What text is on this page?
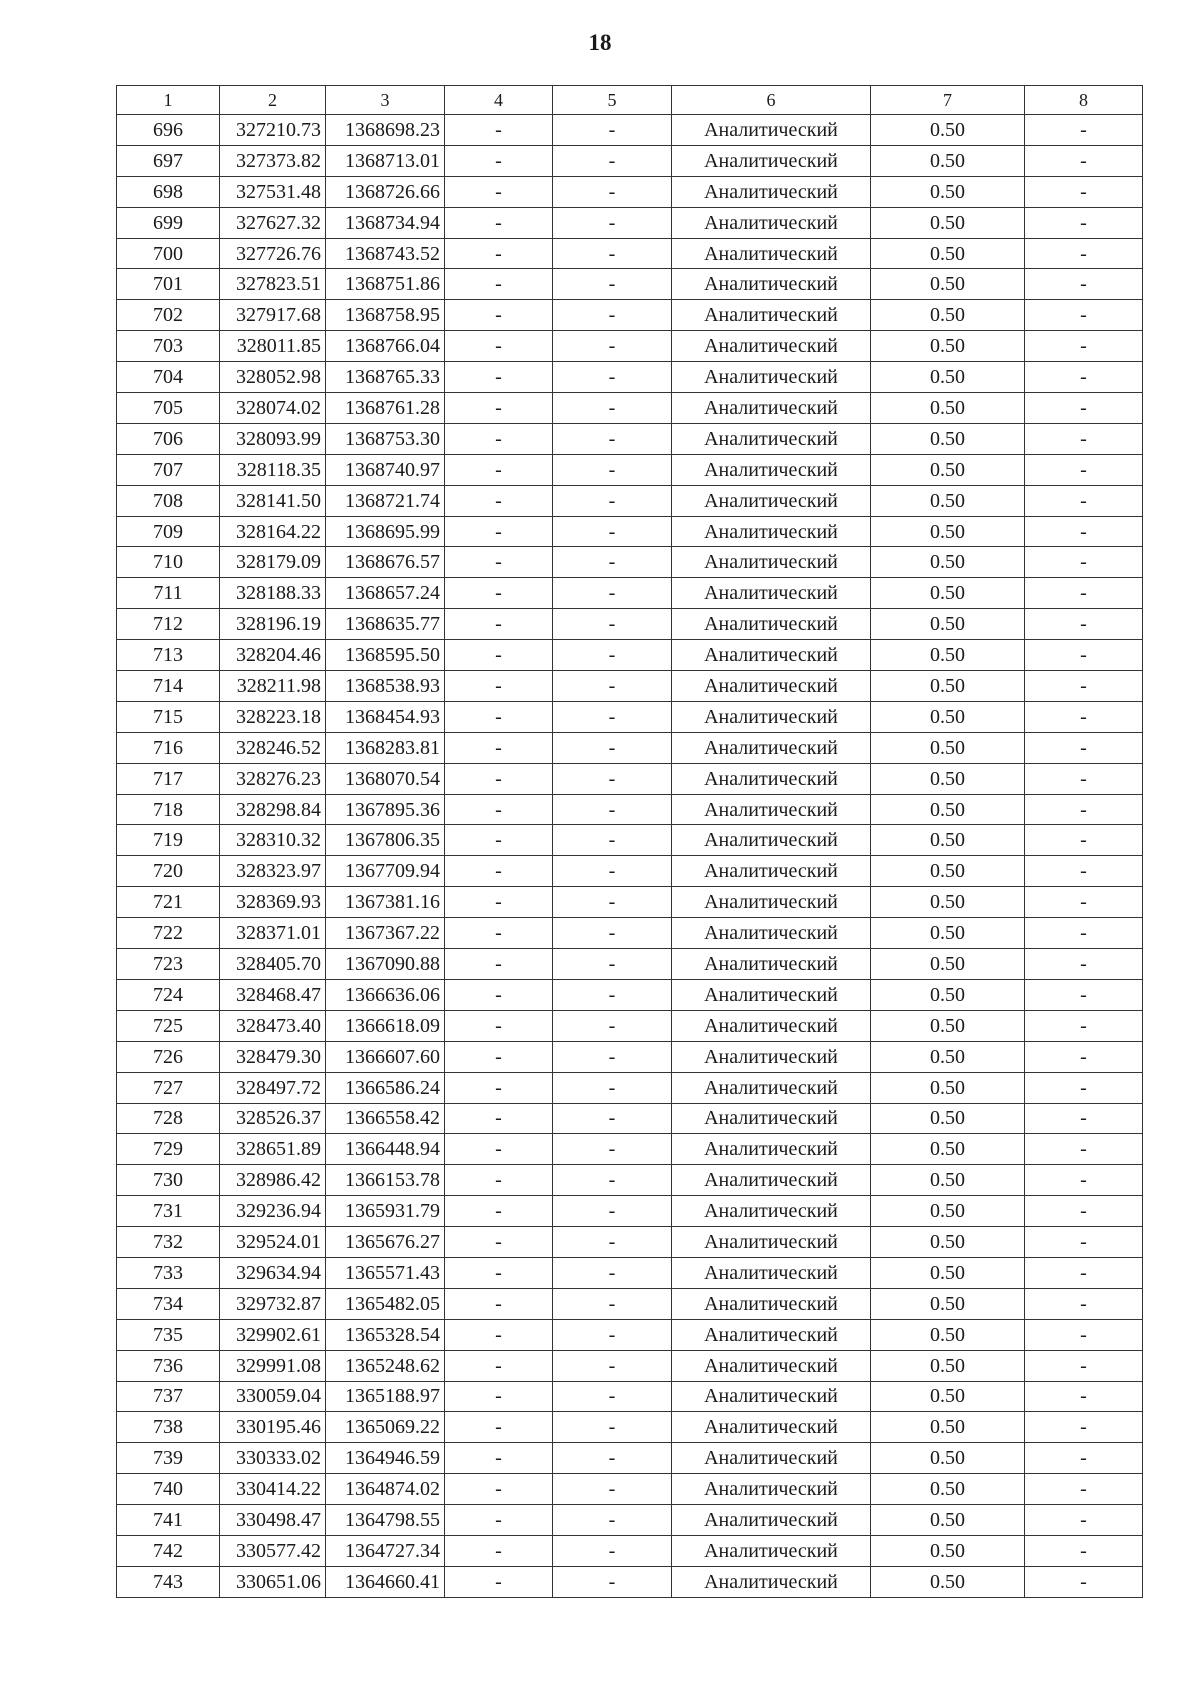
18
1	2	3	4	5	6	7	8
696	327210.73	1368698.23	-	-	Аналитический	0.50	-
697	327373.82	1368713.01	-	-	Аналитический	0.50	-
698	327531.48	1368726.66	-	-	Аналитический	0.50	-
699	327627.32	1368734.94	-	-	Аналитический	0.50	-
700	327726.76	1368743.52	-	-	Аналитический	0.50	-
701	327823.51	1368751.86	-	-	Аналитический	0.50	-
702	327917.68	1368758.95	-	-	Аналитический	0.50	-
703	328011.85	1368766.04	-	-	Аналитический	0.50	-
704	328052.98	1368765.33	-	-	Аналитический	0.50	-
705	328074.02	1368761.28	-	-	Аналитический	0.50	-
706	328093.99	1368753.30	-	-	Аналитический	0.50	-
707	328118.35	1368740.97	-	-	Аналитический	0.50	-
708	328141.50	1368721.74	-	-	Аналитический	0.50	-
709	328164.22	1368695.99	-	-	Аналитический	0.50	-
710	328179.09	1368676.57	-	-	Аналитический	0.50	-
711	328188.33	1368657.24	-	-	Аналитический	0.50	-
712	328196.19	1368635.77	-	-	Аналитический	0.50	-
713	328204.46	1368595.50	-	-	Аналитический	0.50	-
714	328211.98	1368538.93	-	-	Аналитический	0.50	-
715	328223.18	1368454.93	-	-	Аналитический	0.50	-
716	328246.52	1368283.81	-	-	Аналитический	0.50	-
717	328276.23	1368070.54	-	-	Аналитический	0.50	-
718	328298.84	1367895.36	-	-	Аналитический	0.50	-
719	328310.32	1367806.35	-	-	Аналитический	0.50	-
720	328323.97	1367709.94	-	-	Аналитический	0.50	-
721	328369.93	1367381.16	-	-	Аналитический	0.50	-
722	328371.01	1367367.22	-	-	Аналитический	0.50	-
723	328405.70	1367090.88	-	-	Аналитический	0.50	-
724	328468.47	1366636.06	-	-	Аналитический	0.50	-
725	328473.40	1366618.09	-	-	Аналитический	0.50	-
726	328479.30	1366607.60	-	-	Аналитический	0.50	-
727	328497.72	1366586.24	-	-	Аналитический	0.50	-
728	328526.37	1366558.42	-	-	Аналитический	0.50	-
729	328651.89	1366448.94	-	-	Аналитический	0.50	-
730	328986.42	1366153.78	-	-	Аналитический	0.50	-
731	329236.94	1365931.79	-	-	Аналитический	0.50	-
732	329524.01	1365676.27	-	-	Аналитический	0.50	-
733	329634.94	1365571.43	-	-	Аналитический	0.50	-
734	329732.87	1365482.05	-	-	Аналитический	0.50	-
735	329902.61	1365328.54	-	-	Аналитический	0.50	-
736	329991.08	1365248.62	-	-	Аналитический	0.50	-
737	330059.04	1365188.97	-	-	Аналитический	0.50	-
738	330195.46	1365069.22	-	-	Аналитический	0.50	-
739	330333.02	1364946.59	-	-	Аналитический	0.50	-
740	330414.22	1364874.02	-	-	Аналитический	0.50	-
741	330498.47	1364798.55	-	-	Аналитический	0.50	-
742	330577.42	1364727.34	-	-	Аналитический	0.50	-
743	330651.06	1364660.41	-	-	Аналитический	0.50	-
